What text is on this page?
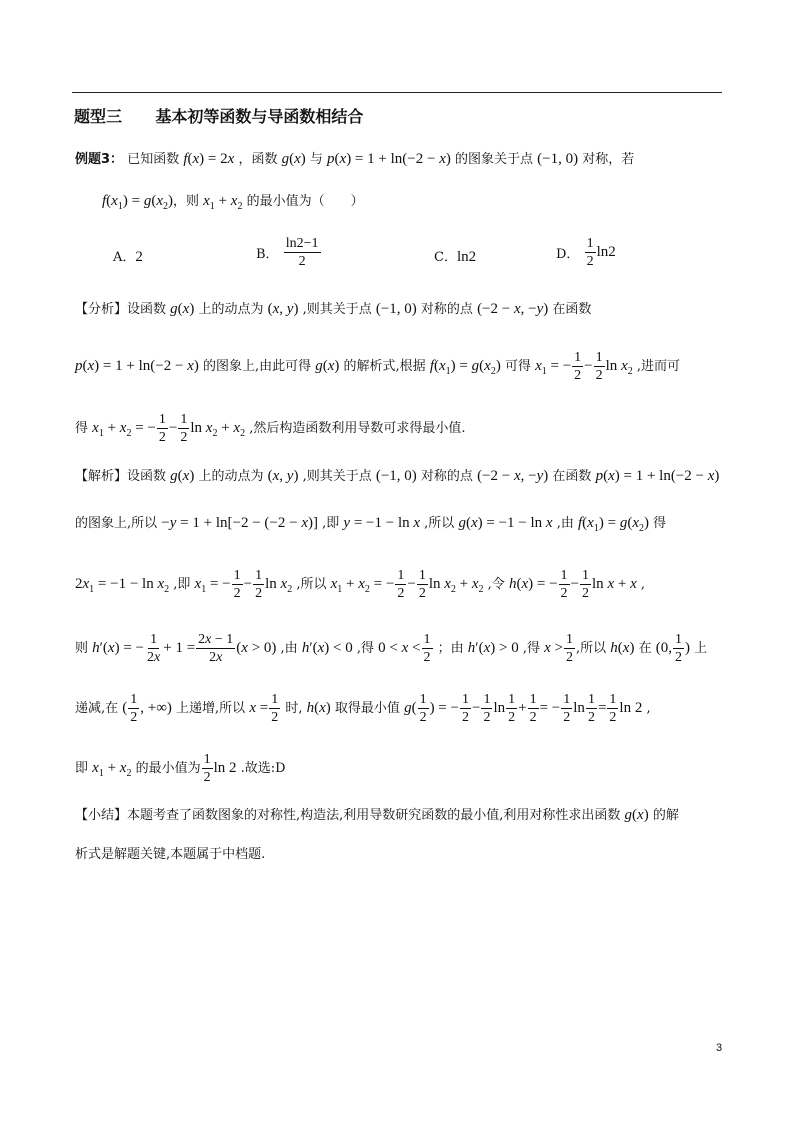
题型三      基本初等函数与导函数相结合
例题3： 已知函数 f(x) = 2x ，函数 g(x) 与 p(x) = 1 + ln(−2 − x) 的图象关于点 (−1, 0) 对称，若
$f(x_1) = g(x_2)$，则 $x_1 + x_2$ 的最小值为（　　）
A．2	B． $\frac{\ln 2-1}{2}$	C．ln2	D． $\frac{1}{2} \ln 2$
【分析】设函数 g(x) 上的动点为 (x, y) ,则其关于点 (−1, 0) 对称的点 (−2 − x, −y) 在函数
p(x) = 1 + ln(−2 − x) 的图象上,由此可得 g(x) 的解析式,根据 $f(x_1) = g(x_2)$ 可得 $x_1$ = − $\frac{1}{2} - \frac{1}{2}$ $\ln x_2$ ,进而可
得 $x_1 + x_2$ = − $\frac{1}{2} - \frac{1}{2}$ $\ln x_2 + x_2$ ,然后构造函数利用导数可求得最小值.
【解析】设函数 g(x) 上的动点为 (x, y) ,则其关于点 (−1, 0) 对称的点 (−2 − x, −y) 在函数 p(x) = 1 + ln(−2 − x)
的图象上,所以 −y = 1 + ln[−2 − (−2 − x)] ,即 y = −1 − ln x ,所以 g(x) = −1 − ln x ,由 $f(x_1) = g(x_2)$ 得
$2x_1 = -1 - \ln x_2$ ,即 $x_1$ = − $\frac{1}{2} - \frac{1}{2}$ $\ln x_2$ ,所以 $x_1 + x_2$ = − $\frac{1}{2} - \frac{1}{2}$ $\ln x_2 + x_2$ ,令 h(x) = − $\frac{1}{2} - \frac{1}{2}$ ln x + x ,
则 h′(x) = − $\frac{1}{2x} + 1 = \frac{2x - 1}{2x} (x > 0)$ ,由 h′(x) < 0 ,得 $0 < x < \frac{1}{2}$ ；由 h′(x) > 0 ,得 $x > \frac{1}{2}$ ,所以 h(x) 在 (0, $\frac{1}{2}$ ) 上
递减,在 ( $\frac{1}{2}$ , +∞) 上递增,所以 $x = \frac{1}{2}$ 时, h(x) 取得最小值 $g( \frac{1}{2}$ ) = − $\frac{1}{2} - \frac{1}{2}$ $\ln \frac{1}{2} + \frac{1}{2}$ = − $\frac{1}{2}$ $\ln \frac{1}{2} = \frac{1}{2}$ ln 2 ,
即 $x_1 + x_2$ 的最小值为 $\frac{1}{2}$ ln 2 .故选:D
【小结】本题考查了函数图象的对称性,构造法,利用导数研究函数的最小值,利用对称性求出函数 g(x) 的解
析式是解题关键,本题属于中档题.
3
